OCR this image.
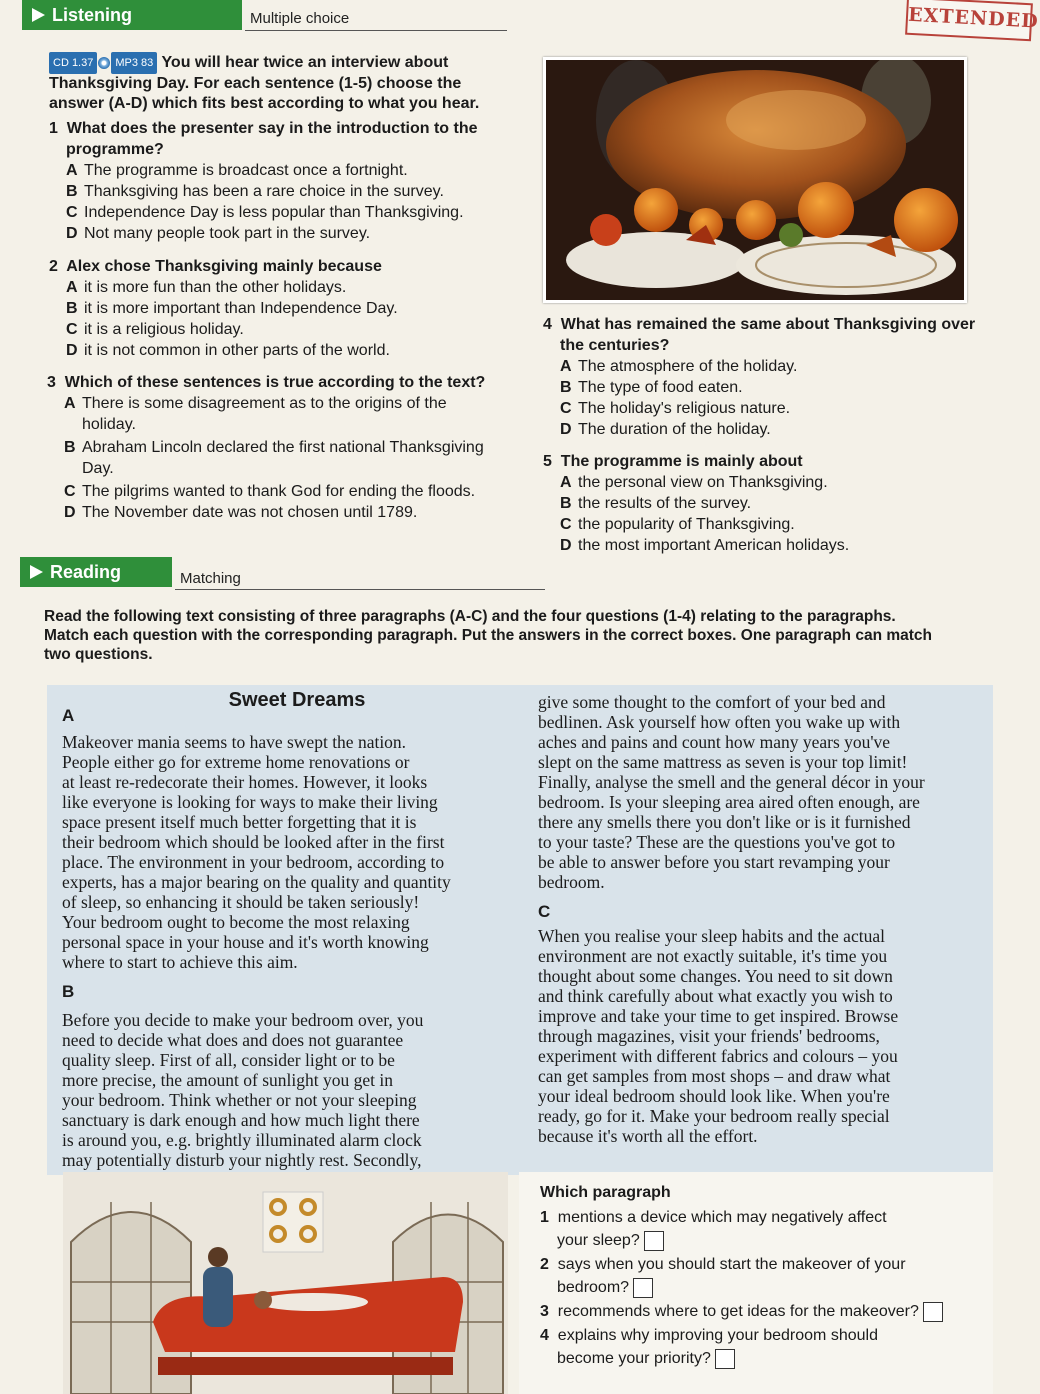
Listening	Multiple choice	EXTENDED
CD 1.37 MP3 83 You will hear twice an interview about
Thanksgiving Day. For each sentence (1-5) choose the
answer (A-D) which fits best according to what you hear.
1 What does the presenter say in the introduction to the
programme?
A The programme is broadcast once a fortnight.
B Thanksgiving has been a rare choice in the survey.
C Independence Day is less popular than Thanksgiving.
D Not many people took part in the survey.
2 Alex chose Thanksgiving mainly because
A it is more fun than the other holidays.
B it is more important than Independence Day.
C it is a religious holiday.
D it is not common in other parts of the world.
3 Which of these sentences is true according to the text?
A There is some disagreement as to the origins of the
holiday.
B Abraham Lincoln declared the first national Thanksgiving
Day.
C The pilgrims wanted to thank God for ending the floods.
D The November date was not chosen until 1789.
4 What has remained the same about Thanksgiving over
the centuries?
A The atmosphere of the holiday.
B The type of food eaten.
C The holiday's religious nature.
D The duration of the holiday.
5 The programme is mainly about
A the personal view on Thanksgiving.
B the results of the survey.
C the popularity of Thanksgiving.
D the most important American holidays.
Reading	Matching
Read the following text consisting of three paragraphs (A-C) and the four questions (1-4) relating to the paragraphs.
Match each question with the corresponding paragraph. Put the answers in the correct boxes. One paragraph can match
two questions.
Sweet Dreams

A

Makeover mania seems to have swept the nation.
People either go for extreme home renovations or
at least re-redecorate their homes. However, it looks
like everyone is looking for ways to make their living
space present itself much better forgetting that it is
their bedroom which should be looked after in the first
place. The environment in your bedroom, according to
experts, has a major bearing on the quality and quantity
of sleep, so enhancing it should be taken seriously!
Your bedroom ought to become the most relaxing
personal space in your house and it's worth knowing
where to start to achieve this aim.

B

Before you decide to make your bedroom over, you
need to decide what does and does not guarantee
quality sleep. First of all, consider light or to be
more precise, the amount of sunlight you get in
your bedroom. Think whether or not your sleeping
sanctuary is dark enough and how much light there
is around you, e.g. brightly illuminated alarm clock
may potentially disturb your nightly rest. Secondly,
give some thought to the comfort of your bed and
bedlinen. Ask yourself how often you wake up with
aches and pains and count how many years you've
slept on the same mattress as seven is your top limit!
Finally, analyse the smell and the general décor in your
bedroom. Is your sleeping area aired often enough, are
there any smells there you don't like or is it furnished
to your taste? These are the questions you've got to
be able to answer before you start revamping your
bedroom.

C

When you realise your sleep habits and the actual
environment are not exactly suitable, it's time you
thought about some changes. You need to sit down
and think carefully about what exactly you wish to
improve and take your time to get inspired. Browse
through magazines, visit your friends' bedrooms,
experiment with different fabrics and colours – you
can get samples from most shops – and draw what
your ideal bedroom should look like. When you're
ready, go for it. Make your bedroom really special
because it's worth all the effort.
Which paragraph
1 mentions a device which may negatively affect
your sleep?
2 says when you should start the makeover of your
bedroom?
3 recommends where to get ideas for the makeover?
4 explains why improving your bedroom should
become your priority?
